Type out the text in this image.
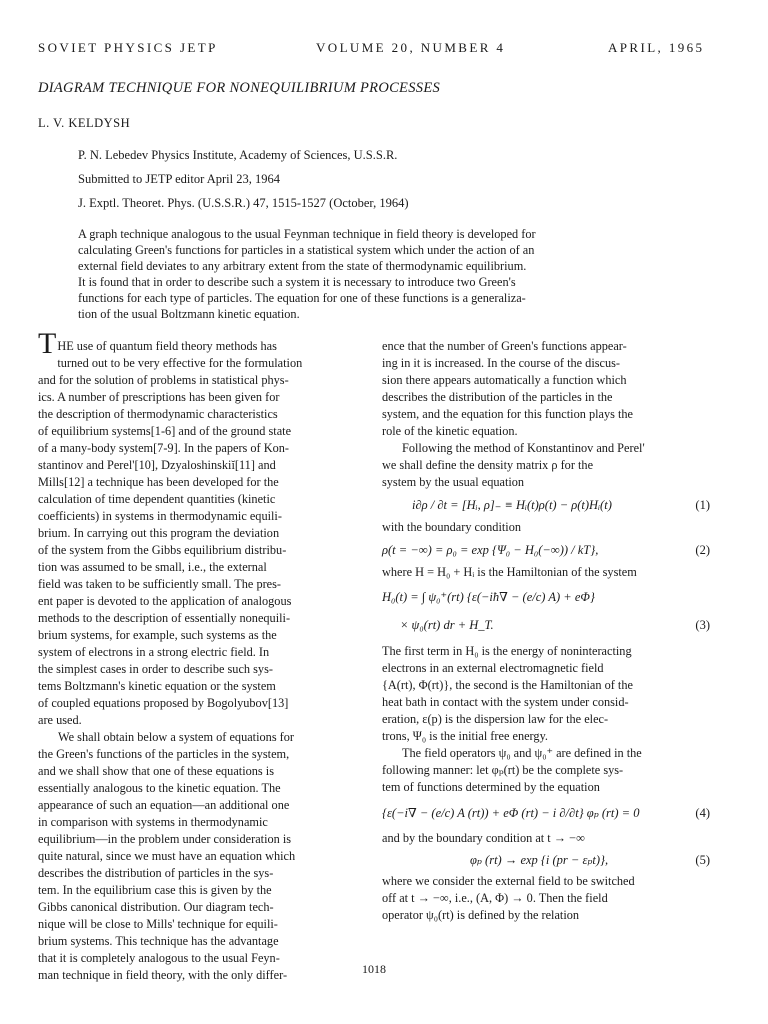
SOVIET PHYSICS JETP	VOLUME 20, NUMBER 4	APRIL, 1965
DIAGRAM TECHNIQUE FOR NONEQUILIBRIUM PROCESSES
L. V. KELDYSH
P. N. Lebedev Physics Institute, Academy of Sciences, U.S.S.R.
Submitted to JETP editor April 23, 1964
J. Exptl. Theoret. Phys. (U.S.S.R.) 47, 1515-1527 (October, 1964)
A graph technique analogous to the usual Feynman technique in field theory is developed for
calculating Green's functions for particles in a statistical system which under the action of an
external field deviates to any arbitrary extent from the state of thermodynamic equilibrium.
It is found that in order to describe such a system it is necessary to introduce two Green's
functions for each type of particles. The equation for one of these functions is a generaliza-
tion of the usual Boltzmann kinetic equation.
THE use of quantum field theory methods has
turned out to be very effective for the formulation
and for the solution of problems in statistical phys-
ics. A number of prescriptions has been given for
the description of thermodynamic characteristics
of equilibrium systems[1-6] and of the ground state
of a many-body system[7-9]. In the papers of Kon-
stantinov and Perel'[10], Dzyaloshinskiĭ[11] and
Mills[12] a technique has been developed for the
calculation of time dependent quantities (kinetic
coefficients) in systems in thermodynamic equili-
brium. In carrying out this program the deviation
of the system from the Gibbs equilibrium distribu-
tion was assumed to be small, i.e., the external
field was taken to be sufficiently small. The pres-
ent paper is devoted to the application of analogous
methods to the description of essentially nonequili-
brium systems, for example, such systems as the
system of electrons in a strong electric field. In
the simplest cases in order to describe such sys-
tems Boltzmann's kinetic equation or the system
of coupled equations proposed by Bogolyubov[13]
are used.
We shall obtain below a system of equations for
the Green's functions of the particles in the system,
and we shall show that one of these equations is
essentially analogous to the kinetic equation. The
appearance of such an equation—an additional one
in comparison with systems in thermodynamic
equilibrium—in the problem under consideration is
quite natural, since we must have an equation which
describes the distribution of particles in the sys-
tem. In the equilibrium case this is given by the
Gibbs canonical distribution. Our diagram tech-
nique will be close to Mills' technique for equili-
brium systems. This technique has the advantage
that it is completely analogous to the usual Feyn-
man technique in field theory, with the only differ-
ence that the number of Green's functions appear-
ing in it is increased. In the course of the discus-
sion there appears automatically a function which
describes the distribution of the particles in the
system, and the equation for this function plays the
role of the kinetic equation.
Following the method of Konstantinov and Perel'
we shall define the density matrix ρ for the
system by the usual equation
i∂ρ / ∂t = [Hᵢ, ρ]₋ ≡ Hᵢ(t)ρ(t) − ρ(t)Hᵢ(t)	(1)
with the boundary condition
ρ(t = −∞) = ρ₀ = exp {Ψ₀ − H₀(−∞)) / kT},	(2)
where H = H₀ + Hᵢ is the Hamiltonian of the system
H₀(t) = ∫ ψ₀⁺(rt) {ε(−iħ∇ − (e/c) A) + eΦ}
× ψ₀(rt) dr + H_T.	(3)
The first term in H₀ is the energy of noninteracting
electrons in an external electromagnetic field
{A(rt), Φ(rt)}, the second is the Hamiltonian of the
heat bath in contact with the system under consid-
eration, ε(p) is the dispersion law for the elec-
trons, Ψ₀ is the initial free energy.
The field operators ψ₀ and ψ₀⁺ are defined in the
following manner: let φₚ(rt) be the complete sys-
tem of functions determined by the equation
{ε(−i∇ − (e/c) A (rt)) + eΦ (rt) − i ∂/∂t} φₚ (rt) = 0	(4)
and by the boundary condition at t → −∞
φₚ (rt) → exp {i (pr − εₚt)},	(5)
where we consider the external field to be switched
off at t → −∞, i.e., (A, Φ) → 0. Then the field
operator ψ₀(rt) is defined by the relation
1018
